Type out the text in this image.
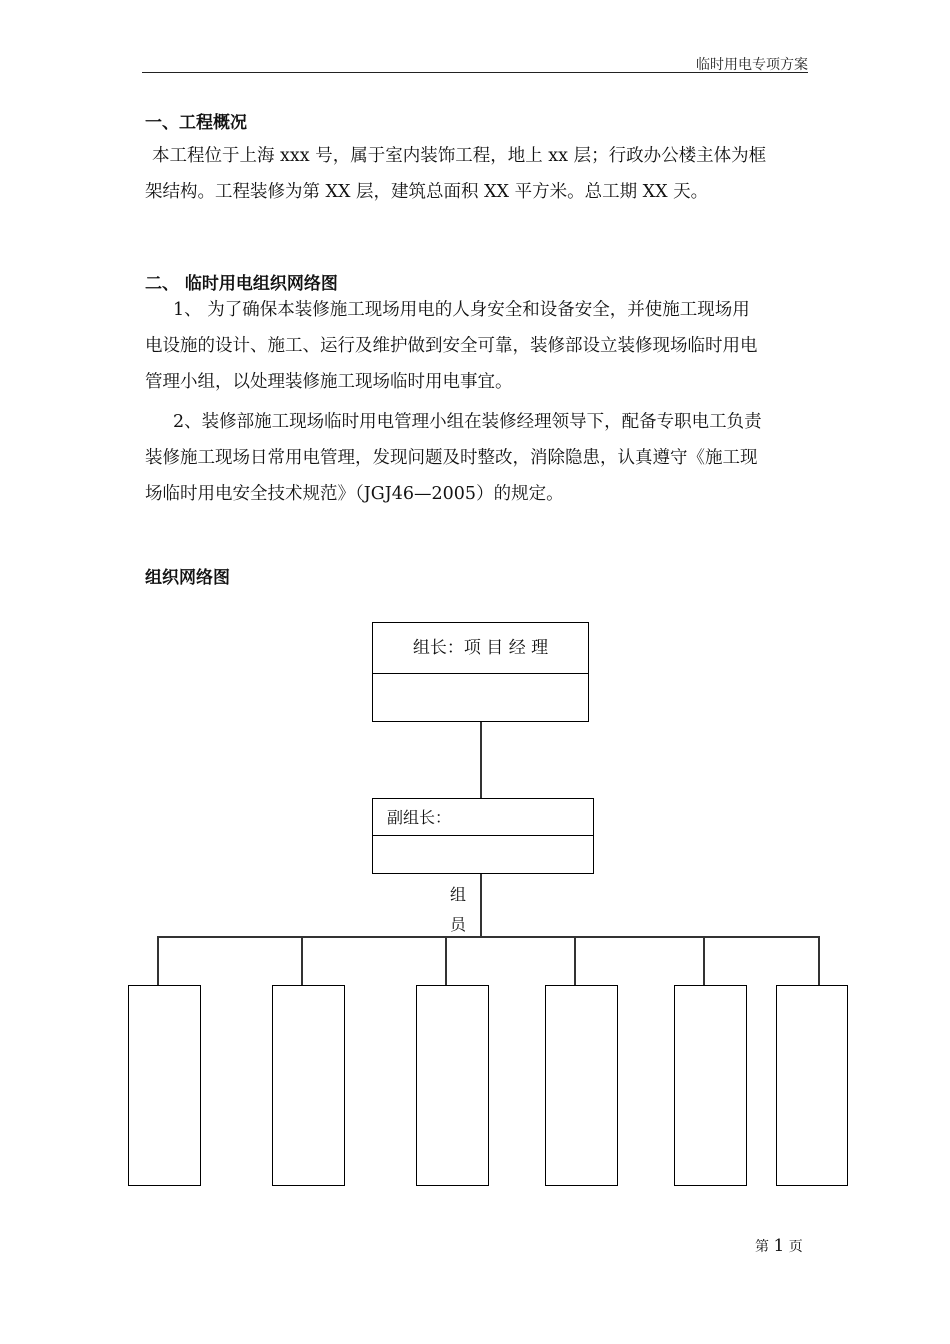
临时用电专项方案
一、工程概况
本工程位于上海 xxx 号，属于室内装饰工程，地上 xx 层；行政办公楼主体为框
架结构。工程装修为第 XX 层，建筑总面积 XX 平方米。总工期 XX 天。
二、 临时用电组织网络图
1、 为了确保本装修施工现场用电的人身安全和设备安全，并使施工现场用
电设施的设计、施工、运行及维护做到安全可靠，装修部设立装修现场临时用电
管理小组，以处理装修施工现场临时用电事宜。
2、装修部施工现场临时用电管理小组在装修经理领导下，配备专职电工负责
装修施工现场日常用电管理，发现问题及时整改，消除隐患，认真遵守《施工现
场临时用电安全技术规范》（JGJ46—2005）的规定。
组织网络图
组长：项 目 经 理
副组长：
组
员
第 1 页
